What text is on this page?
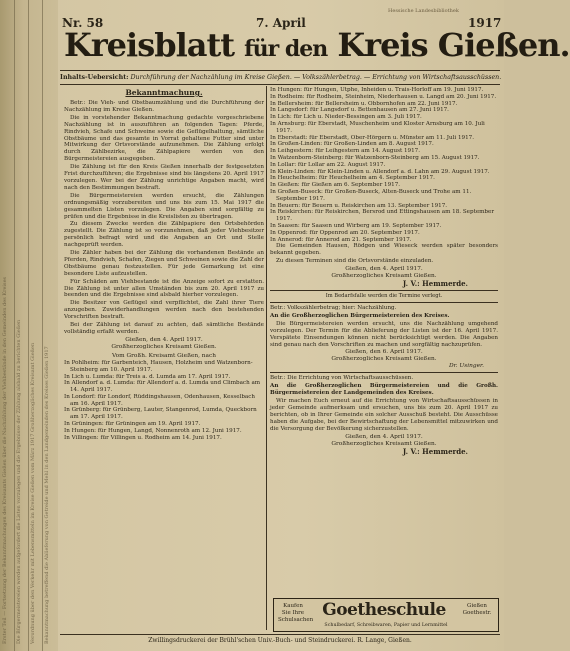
Erster Teil — Fortsetzung der Bekanntmachungen des Kreisamts Gießen über die Nachzählung der Viehbestände in den Gemeinden des Kreises	Die Bürgermeistereien werden aufgefordert die Listen vorzulegen und die Ergebnisse der Zählung alsbald zu berichten Gießen	Verordnung über den Verkehr mit Lebensmitteln im Kreise Gießen vom März 1917 Großherzogliches Kreisamt Gießen	Bekanntmachung betreffend die Ablieferung von Getreide und Mehl in den Landgemeinden des Kreises Gießen 1917
Hessische Landesbibliothek
Nr. 58	7. April	1917
Kreisblatt für den Kreis Gießen.
Inhalts-Uebersicht: Durchführung der Nachzählung im Kreise Gießen. — Volkszählerbetrag. — Errichtung von Wirtschaftsausschüssen.
Bekanntmachung.

Betr.: Die Vieh- und Obstbaumzählung und die Durchführung der Nachzählung im Kreise Gießen.

Die in vorstehender Bekanntmachung gedachte vorgeschriebene Nachzählung ist in auszuführen an folgenden Tagen: Pferde, Rindvieh, Schafe und Schweine sowie die Geflügelhaltung, sämtliche Obstbäume und das gesamte in Vorrat gehaltene Futter sind unter Mitwirkung der Ortsvorstände aufzunehmen. Die Zählung erfolgt durch Zählbezirke, die Zählpapiere werden von den Bürgermeistereien ausgegeben.

Die Zählung ist für den Kreis Gießen innerhalb der festgesetzten Frist durchzuführen; die Ergebnisse sind bis längstens 20. April 1917 vorzulegen. Wer bei der Zählung unrichtige Angaben macht, wird nach den Bestimmungen bestraft.

Die Bürgermeistereien werden ersucht, die Zählungen ordnungsmäßig vorzubereiten und uns bis zum 15. Mai 1917 die gesammelten Listen vorzulegen. Die Angaben sind sorgfältig zu prüfen und die Ergebnisse in die Kreislisten zu übertragen.

Zu diesem Zwecke werden die Zählpapiere den Ortsbehörden zugestellt. Die Zählung ist so vorzunehmen, daß jeder Viehbesitzer persönlich befragt wird und die Angaben an Ort und Stelle nachgeprüft werden.

Die Zähler haben bei der Zählung die vorhandenen Bestände an Pferden, Rindvieh, Schafen, Ziegen und Schweinen sowie die Zahl der Obstbäume genau festzustellen. Für jede Gemarkung ist eine besondere Liste aufzustellen.

Für Schäden am Viehbestande ist die Anzeige sofort zu erstatten. Die Zählung ist unter allen Umständen bis zum 20. April 1917 zu beenden und die Ergebnisse sind alsbald hierher vorzulegen.

Die Besitzer von Geflügel sind verpflichtet, die Zahl ihrer Tiere anzugeben. Zuwiderhandlungen werden nach den bestehenden Vorschriften bestraft.

Bei der Zählung ist darauf zu achten, daß sämtliche Bestände vollständig erfaßt werden.

Gießen, den 4. April 1917.
Großherzogliches Kreisamt Gießen.
Vom Großh. Kreisamt Gießen, nach
In Pohlheim: für Garbenteich, Hausen, Holzheim und Watzenborn-Steinberg am 10. April 1917.
In Lich u. Lumda: für Treis a. d. Lumda am 17. April 1917.
In Allendorf a. d. Lumda: für Allendorf a. d. Lumda und Climbach am 14. April 1917.
In Londorf: für Londorf, Rüddingshausen, Odenhausen, Kesselbach am 16. April 1917.
In Grünberg: für Grünberg, Lauter, Stangenrod, Lumda, Queckborn am 17. April 1917.
In Grüningen: für Grüningen am 19. April 1917.
In Hungen: für Hungen, Langd, Nonnenroth am 12. Juni 1917.
In Villingen: für Villingen u. Rodheim am 14. Juni 1917.
In Hungen: für Hungen, Utphe, Inheiden u. Trais-Horloff am 19. Juni 1917.
In Rodheim: für Rodheim, Steinheim, Niederhausen u. Langd am 20. Juni 1917.
In Bellersheim: für Bellersheim u. Obbornhofen am 22. Juni 1917.
In Langsdorf: für Langsdorf u. Bettenhausen am 27. Juni 1917.
In Lich: für Lich u. Nieder-Bessingen am 3. Juli 1917.
In Arnsburg: für Eberstadt, Muschenheim und Kloster Arnsburg am 10. Juli 1917.
In Eberstadt: für Eberstadt, Ober-Hörgern u. Münster am 11. Juli 1917.
In Großen-Linden: für Großen-Linden am 8. August 1917.
In Leihgestern: für Leihgestern am 14. August 1917.
In Watzenborn-Steinberg: für Watzenborn-Steinberg am 15. August 1917.
In Lollar: für Lollar am 22. August 1917.
In Klein-Linden: für Klein-Linden u. Allendorf a. d. Lahn am 29. August 1917.
In Heuchelheim: für Heuchelheim am 4. September 1917.
In Gießen: für Gießen am 6. September 1917.
In Großen-Buseck: für Großen-Buseck, Alten-Buseck und Trohe am 11. September 1917.
In Beuern: für Beuern u. Reiskirchen am 13. September 1917.
In Reiskirchen: für Reiskirchen, Bersrod und Ettingshausen am 18. September 1917.
In Saasen: für Saasen und Wirberg am 19. September 1917.
In Oppenrod: für Oppenrod am 20. September 1917.
In Annerod: für Annerod am 21. September 1917.

Die Gemeinden Hausen, Rödgen und Wieseck werden später besonders bekannt gegeben.

Zu diesen Terminen sind die Ortsvorstände einzuladen.

Gießen, den 4. April 1917.
Großherzogliches Kreisamt Gießen.
J. V.: Hemmerde.
Im Bedarfsfalle werden die Termine verlegt.

Betr.: Volkszählerbetrag; hier: Nachzählung.

An die Großherzoglichen Bürgermeistereien des Kreises.

Die Bürgermeistereien werden ersucht, uns die Nachzählung umgehend vorzulegen. Der Termin für die Ablieferung der Listen ist der 16. April 1917. Verspätete Einsendungen können nicht berücksichtigt werden. Die Angaben sind genau nach den Vorschriften zu machen und sorgfältig nachzuprüfen.

Gießen, den 6. April 1917.
Großherzogliches Kreisamt Gießen.
Dr. Usinger.

Betr.: Die Errichtung von Wirtschaftsausschüssen.

An die Großherzoglichen Bürgermeistereien und die Großh. Bürgermeistereien der Landgemeinden des Kreises.

Wir machen Euch erneut auf die Errichtung von Wirtschaftsausschüssen in jeder Gemeinde aufmerksam und ersuchen, uns bis zum 20. April 1917 zu berichten, ob in Ihrer Gemeinde ein solcher Ausschuß besteht. Die Ausschüsse haben die Aufgabe, bei der Bewirtschaftung der Lebensmittel mitzuwirken und die Versorgung der Bevölkerung sicherzustellen.

Gießen, den 4. April 1917.
Großherzogliches Kreisamt Gießen.
J. V.: Hemmerde.
Kaufen Sie Ihre Schulsachen Goetheschule	Gießen Goethestr.
Schulbedarf, Schreibwaren, Papier und Lernmittel
Zwillingsdruckerei der Brühl'schen Univ.-Buch- und Steindruckerei. R. Lange, Gießen.
